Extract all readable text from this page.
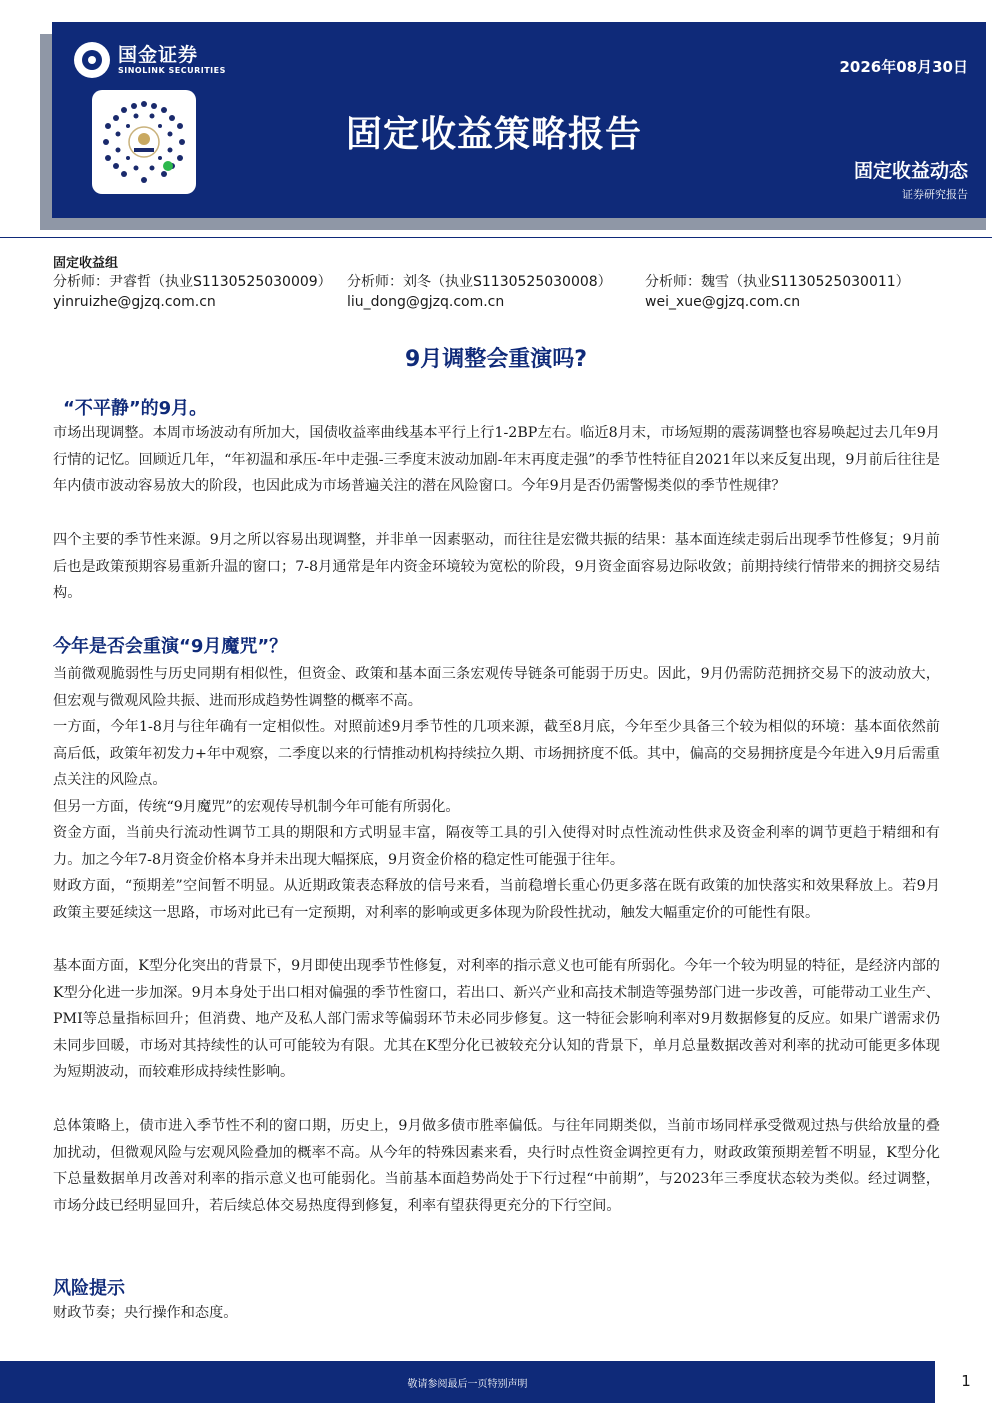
国金证券
SINOLINK SECURITIES	2026年08月30日
固定收益策略报告
固定收益动态
证券研究报告
固定收益组
分析师：尹睿哲（执业S1130525030009）
yinruizhe@gjzq.com.cn
分析师：刘冬（执业S1130525030008）
liu_dong@gjzq.com.cn
分析师：魏雪（执业S1130525030011）
wei_xue@gjzq.com.cn
9月调整会重演吗?
“不平静”的9月。
市场出现调整。本周市场波动有所加大，国债收益率曲线基本平行上行1-2BP左右。临近8月末，市场短期的震荡调整也容易唤起过去几年9月行情的记忆。回顾近几年，“年初温和承压-年中走强-三季度末波动加剧-年末再度走强”的季节性特征自2021年以来反复出现，9月前后往往是年内债市波动容易放大的阶段，也因此成为市场普遍关注的潜在风险窗口。今年9月是否仍需警惕类似的季节性规律？
四个主要的季节性来源。9月之所以容易出现调整，并非单一因素驱动，而往往是宏微共振的结果：基本面连续走弱后出现季节性修复；9月前后也是政策预期容易重新升温的窗口；7-8月通常是年内资金环境较为宽松的阶段，9月资金面容易边际收敛；前期持续行情带来的拥挤交易结构。
今年是否会重演“9月魔咒”？
当前微观脆弱性与历史同期有相似性，但资金、政策和基本面三条宏观传导链条可能弱于历史。因此，9月仍需防范拥挤交易下的波动放大，但宏观与微观风险共振、进而形成趋势性调整的概率不高。
一方面，今年1-8月与往年确有一定相似性。对照前述9月季节性的几项来源，截至8月底，今年至少具备三个较为相似的环境：基本面依然前高后低，政策年初发力+年中观察，二季度以来的行情推动机构持续拉久期、市场拥挤度不低。其中，偏高的交易拥挤度是今年进入9月后需重点关注的风险点。
但另一方面，传统“9月魔咒”的宏观传导机制今年可能有所弱化。
资金方面，当前央行流动性调节工具的期限和方式明显丰富，隔夜等工具的引入使得对时点性流动性供求及资金利率的调节更趋于精细和有力。加之今年7-8月资金价格本身并未出现大幅探底，9月资金价格的稳定性可能强于往年。
财政方面，“预期差”空间暂不明显。从近期政策表态释放的信号来看，当前稳增长重心仍更多落在既有政策的加快落实和效果释放上。若9月政策主要延续这一思路，市场对此已有一定预期，对利率的影响或更多体现为阶段性扰动，触发大幅重定价的可能性有限。
基本面方面，K型分化突出的背景下，9月即使出现季节性修复，对利率的指示意义也可能有所弱化。今年一个较为明显的特征，是经济内部的K型分化进一步加深。9月本身处于出口相对偏强的季节性窗口，若出口、新兴产业和高技术制造等强势部门进一步改善，可能带动工业生产、PMI等总量指标回升；但消费、地产及私人部门需求等偏弱环节未必同步修复。这一特征会影响利率对9月数据修复的反应。如果广谱需求仍未同步回暖，市场对其持续性的认可可能较为有限。尤其在K型分化已被较充分认知的背景下，单月总量数据改善对利率的扰动可能更多体现为短期波动，而较难形成持续性影响。
总体策略上，债市进入季节性不利的窗口期，历史上，9月做多债市胜率偏低。与往年同期类似，当前市场同样承受微观过热与供给放量的叠加扰动，但微观风险与宏观风险叠加的概率不高。从今年的特殊因素来看，央行时点性资金调控更有力，财政政策预期差暂不明显，K型分化下总量数据单月改善对利率的指示意义也可能弱化。当前基本面趋势尚处于下行过程“中前期”，与2023年三季度状态较为类似。经过调整，市场分歧已经明显回升，若后续总体交易热度得到修复，利率有望获得更充分的下行空间。
风险提示
财政节奏；央行操作和态度。
敬请参阅最后一页特别声明	1
